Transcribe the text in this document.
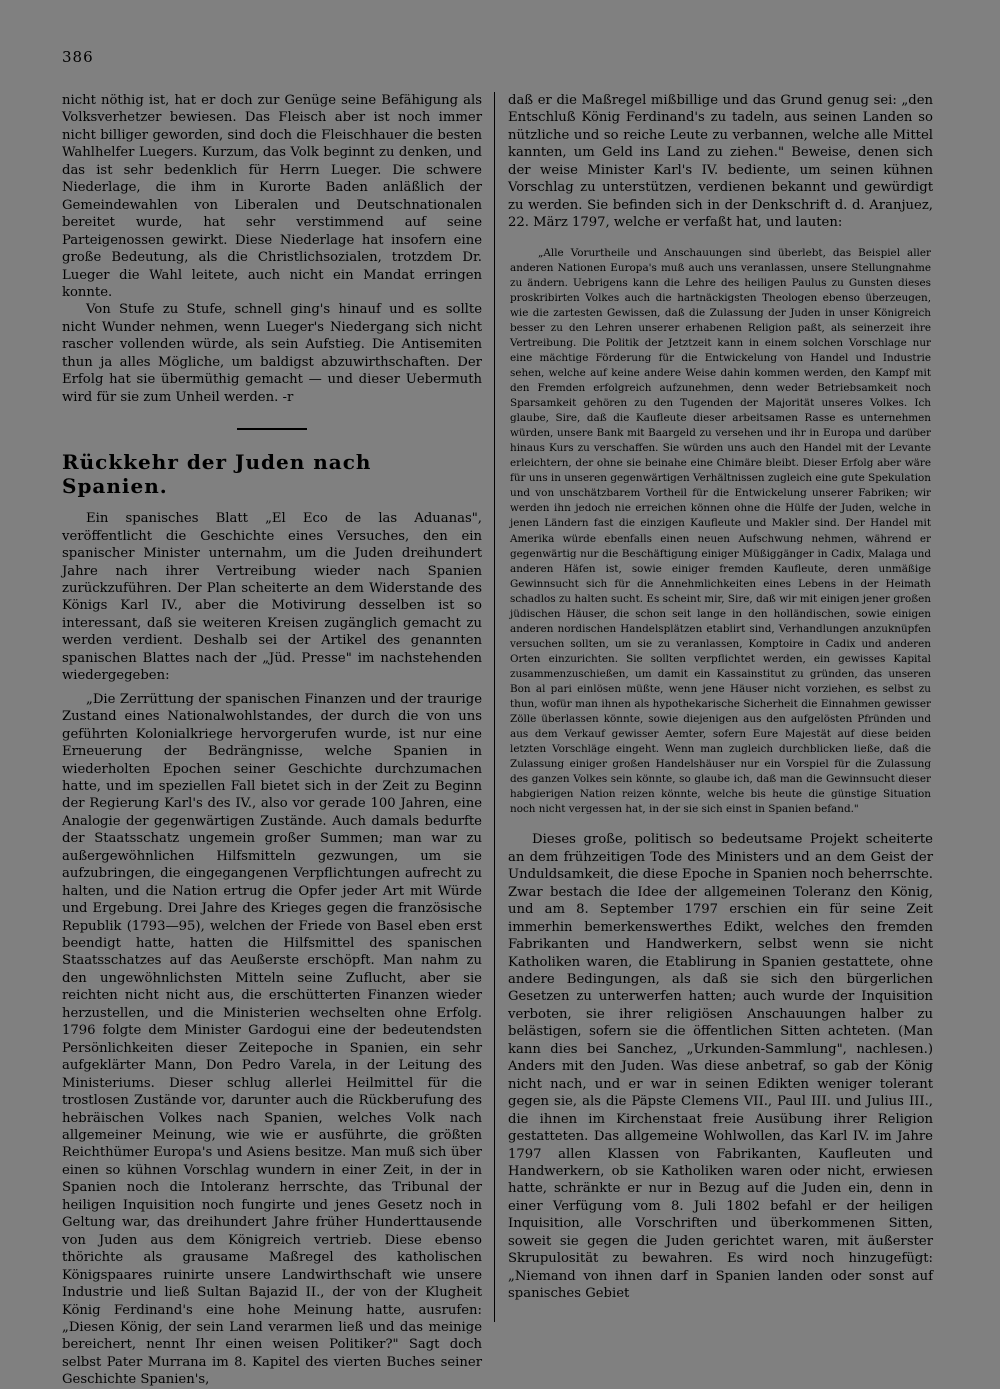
386

nicht nöthig ist, hat er doch zur Genüge seine Befähigung als Volksverhetzer bewiesen. Das Fleisch aber ist noch immer nicht billiger geworden, sind doch die Fleischhauer die besten Wahlhelfer Luegers. Kurzum, das Volk beginnt zu denken, und das ist sehr bedenklich für Herrn Lueger. Die schwere Niederlage, die ihm in Kurorte Baden anläßlich der Gemeindewahlen von Liberalen und Deutschnationalen bereitet wurde, hat sehr verstimmend auf seine Parteigenossen gewirkt. Diese Niederlage hat insofern eine große Bedeutung, als die Christlichsozialen, trotzdem Dr. Lueger die Wahl leitete, auch nicht ein Mandat erringen konnte.

Von Stufe zu Stufe, schnell ging's hinauf und es sollte nicht Wunder nehmen, wenn Lueger's Niedergang sich nicht rascher vollenden würde, als sein Aufstieg. Die Antisemiten thun ja alles Mögliche, um baldigst abzuwirthschaften. Der Erfolg hat sie übermüthig gemacht — und dieser Uebermuth wird für sie zum Unheil werden. -r

Rückkehr der Juden nach Spanien.

Ein spanisches Blatt „El Eco de las Aduanas", veröffentlicht die Geschichte eines Versuches, den ein spanischer Minister unternahm, um die Juden dreihundert Jahre nach ihrer Vertreibung wieder nach Spanien zurückzuführen. Der Plan scheiterte an dem Widerstande des Königs Karl IV., aber die Motivirung desselben ist so interessant, daß sie weiteren Kreisen zugänglich gemacht zu werden verdient. Deshalb sei der Artikel des genannten spanischen Blattes nach der „Jüd. Presse" im nachstehenden wiedergegeben:

„Die Zerrüttung der spanischen Finanzen und der traurige Zustand eines Nationalwohlstandes, der durch die von uns geführten Kolonialkriege hervorgerufen wurde, ist nur eine Erneuerung der Bedrängnisse, welche Spanien in wiederholten Epochen seiner Geschichte durchzumachen hatte, und im speziellen Fall bietet sich in der Zeit zu Beginn der Regierung Karl's des IV., also vor gerade 100 Jahren, eine Analogie der gegenwärtigen Zustände. Auch damals bedurfte der Staatsschatz ungemein großer Summen; man war zu außergewöhnlichen Hilfsmitteln gezwungen, um sie aufzubringen, die eingegangenen Verpflichtungen aufrecht zu halten, und die Nation ertrug die Opfer jeder Art mit Würde und Ergebung. Drei Jahre des Krieges gegen die französische Republik (1793—95), welchen der Friede von Basel eben erst beendigt hatte, hatten die Hilfsmittel des spanischen Staatsschatzes auf das Aeußerste erschöpft. Man nahm zu den ungewöhnlichsten Mitteln seine Zuflucht, aber sie reichten nicht nicht aus, die erschütterten Finanzen wieder herzustellen, und die Ministerien wechselten ohne Erfolg. 1796 folgte dem Minister Gardogui eine der bedeutendsten Persönlichkeiten dieser Zeitepoche in Spanien, ein sehr aufgeklärter Mann, Don Pedro Varela, in der Leitung des Ministeriums. Dieser schlug allerlei Heilmittel für die trostlosen Zustände vor, darunter auch die Rückberufung des hebräischen Volkes nach Spanien, welches Volk nach allgemeiner Meinung, wie wie er ausführte, die größten Reichthümer Europa's und Asiens besitze. Man muß sich über einen so kühnen Vorschlag wundern in einer Zeit, in der in Spanien noch die Intoleranz herrschte, das Tribunal der heiligen Inquisition noch fungirte und jenes Gesetz noch in Geltung war, das dreihundert Jahre früher Hunderttausende von Juden aus dem Königreich vertrieb. Diese ebenso thörichte als grausame Maßregel des katholischen Königspaares ruinirte unsere Landwirthschaft wie unsere Industrie und ließ Sultan Bajazid II., der von der Klugheit König Ferdinand's eine hohe Meinung hatte, ausrufen: „Diesen König, der sein Land verarmen ließ und das meinige bereichert, nennt Ihr einen weisen Politiker?" Sagt doch selbst Pater Murrana im 8. Kapitel des vierten Buches seiner Geschichte Spanien's,

daß er die Maßregel mißbillige und das Grund genug sei: „den Entschluß König Ferdinand's zu tadeln, aus seinen Landen so nützliche und so reiche Leute zu verbannen, welche alle Mittel kannten, um Geld ins Land zu ziehen." Beweise, denen sich der weise Minister Karl's IV. bediente, um seinen kühnen Vorschlag zu unterstützen, verdienen bekannt und gewürdigt zu werden. Sie befinden sich in der Denkschrift d. d. Aranjuez, 22. März 1797, welche er verfaßt hat, und lauten:

„Alle Vorurtheile und Anschauungen sind überlebt, das Beispiel aller anderen Nationen Europa's muß auch uns veranlassen, unsere Stellungnahme zu ändern. Uebrigens kann die Lehre des heiligen Paulus zu Gunsten dieses proskribirten Volkes auch die hartnäckigsten Theologen ebenso überzeugen, wie die zartesten Gewissen, daß die Zulassung der Juden in unser Königreich besser zu den Lehren unserer erhabenen Religion paßt, als seinerzeit ihre Vertreibung. Die Politik der Jetztzeit kann in einem solchen Vorschlage nur eine mächtige Förderung für die Entwickelung von Handel und Industrie sehen, welche auf keine andere Weise dahin kommen werden, den Kampf mit den Fremden erfolgreich aufzunehmen, denn weder Betriebsamkeit noch Sparsamkeit gehören zu den Tugenden der Majorität unseres Volkes. Ich glaube, Sire, daß die Kaufleute dieser arbeitsamen Rasse es unternehmen würden, unsere Bank mit Baargeld zu versehen und ihr in Europa und darüber hinaus Kurs zu verschaffen. Sie würden uns auch den Handel mit der Levante erleichtern, der ohne sie beinahe eine Chimäre bleibt. Dieser Erfolg aber wäre für uns in unseren gegenwärtigen Verhältnissen zugleich eine gute Spekulation und von unschätzbarem Vortheil für die Entwickelung unserer Fabriken; wir werden ihn jedoch nie erreichen können ohne die Hülfe der Juden, welche in jenen Ländern fast die einzigen Kaufleute und Makler sind. Der Handel mit Amerika würde ebenfalls einen neuen Aufschwung nehmen, während er gegenwärtig nur die Beschäftigung einiger Müßiggänger in Cadix, Malaga und anderen Häfen ist, sowie einiger fremden Kaufleute, deren unmäßige Gewinnsucht sich für die Annehmlichkeiten eines Lebens in der Heimath schadlos zu halten sucht. Es scheint mir, Sire, daß wir mit einigen jener großen jüdischen Häuser, die schon seit lange in den holländischen, sowie einigen anderen nordischen Handelsplätzen etablirt sind, Verhandlungen anzuknüpfen versuchen sollten, um sie zu veranlassen, Komptoire in Cadix und anderen Orten einzurichten. Sie sollten verpflichtet werden, ein gewisses Kapital zusammenzuschießen, um damit ein Kassainstitut zu gründen, das unseren Bon al pari einlösen müßte, wenn jene Häuser nicht vorziehen, es selbst zu thun, wofür man ihnen als hypothekarische Sicherheit die Einnahmen gewisser Zölle überlassen könnte, sowie diejenigen aus den aufgelösten Pfründen und aus dem Verkauf gewisser Aemter, sofern Eure Majestät auf diese beiden letzten Vorschläge eingeht. Wenn man zugleich durchblicken ließe, daß die Zulassung einiger großen Handelshäuser nur ein Vorspiel für die Zulassung des ganzen Volkes sein könnte, so glaube ich, daß man die Gewinnsucht dieser habgierigen Nation reizen könnte, welche bis heute die günstige Situation noch nicht vergessen hat, in der sie sich einst in Spanien befand."

Dieses große, politisch so bedeutsame Projekt scheiterte an dem frühzeitigen Tode des Ministers und an dem Geist der Unduldsamkeit, die diese Epoche in Spanien noch beherrschte. Zwar bestach die Idee der allgemeinen Toleranz den König, und am 8. September 1797 erschien ein für seine Zeit immerhin bemerkenswerthes Edikt, welches den fremden Fabrikanten und Handwerkern, selbst wenn sie nicht Katholiken waren, die Etablirung in Spanien gestattete, ohne andere Bedingungen, als daß sie sich den bürgerlichen Gesetzen zu unterwerfen hatten; auch wurde der Inquisition verboten, sie ihrer religiösen Anschauungen halber zu belästigen, sofern sie die öffentlichen Sitten achteten. (Man kann dies bei Sanchez, „Urkunden-Sammlung", nachlesen.) Anders mit den Juden. Was diese anbetraf, so gab der König nicht nach, und er war in seinen Edikten weniger tolerant gegen sie, als die Päpste Clemens VII., Paul III. und Julius III., die ihnen im Kirchenstaat freie Ausübung ihrer Religion gestatteten. Das allgemeine Wohlwollen, das Karl IV. im Jahre 1797 allen Klassen von Fabrikanten, Kaufleuten und Handwerkern, ob sie Katholiken waren oder nicht, erwiesen hatte, schränkte er nur in Bezug auf die Juden ein, denn in einer Verfügung vom 8. Juli 1802 befahl er der heiligen Inquisition, alle Vorschriften und überkommenen Sitten, soweit sie gegen die Juden gerichtet waren, mit äußerster Skrupulosität zu bewahren. Es wird noch hinzugefügt: „Niemand von ihnen darf in Spanien landen oder sonst auf spanisches Gebiet
